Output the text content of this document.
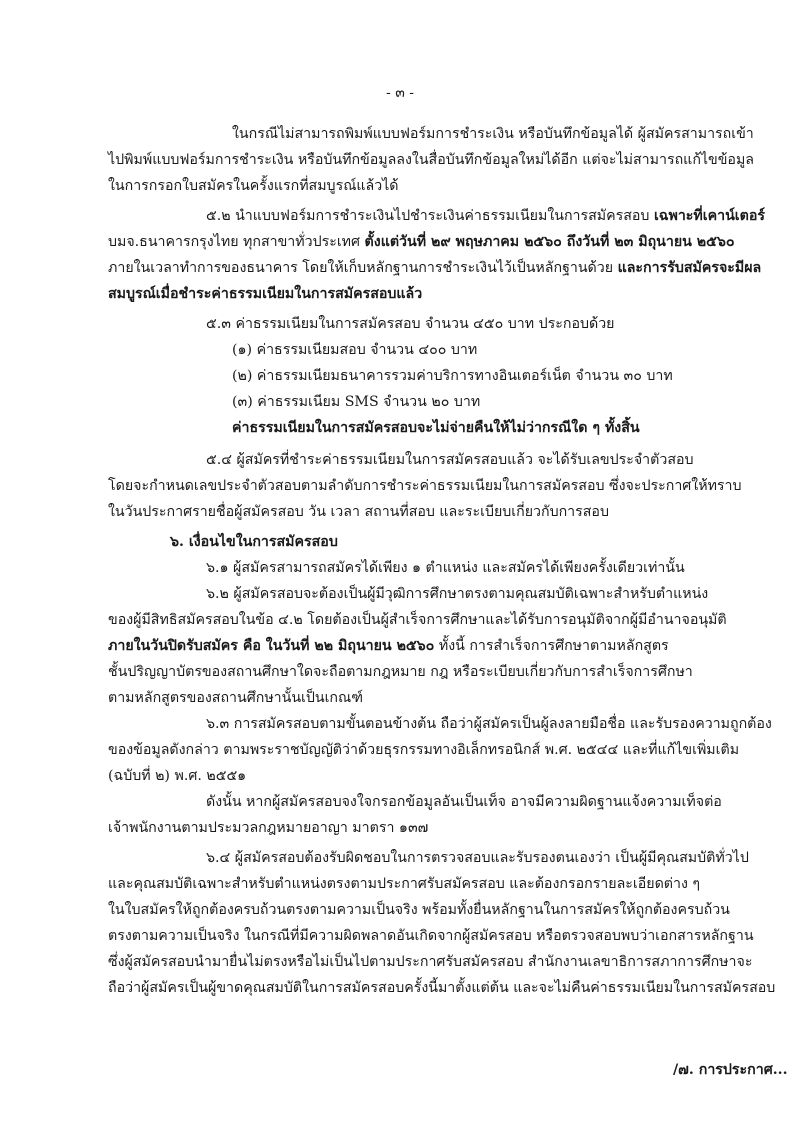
- ๓ -
ในกรณีไม่สามารถพิมพ์แบบฟอร์มการชำระเงิน หรือบันทึกข้อมูลได้ ผู้สมัครสามารถเข้า
ไปพิมพ์แบบฟอร์มการชำระเงิน หรือบันทึกข้อมูลลงในสื่อบันทึกข้อมูลใหม่ได้อีก แต่จะไม่สามารถแก้ไขข้อมูล
ในการกรอกใบสมัครในครั้งแรกที่สมบูรณ์แล้วได้
๕.๒ นำแบบฟอร์มการชำระเงินไปชำระเงินค่าธรรมเนียมในการสมัครสอบ เฉพาะที่เคาน์เตอร์
บมจ.ธนาคารกรุงไทย ทุกสาขาทั่วประเทศ ตั้งแต่วันที่ ๒๙ พฤษภาคม ๒๕๖๐ ถึงวันที่ ๒๓ มิถุนายน ๒๕๖๐
ภายในเวลาทำการของธนาคาร โดยให้เก็บหลักฐานการชำระเงินไว้เป็นหลักฐานด้วย และการรับสมัครจะมีผล
สมบูรณ์เมื่อชำระค่าธรรมเนียมในการสมัครสอบแล้ว
๕.๓ ค่าธรรมเนียมในการสมัครสอบ จำนวน ๔๕๐ บาท ประกอบด้วย
(๑) ค่าธรรมเนียมสอบ จำนวน ๔๐๐ บาท
(๒) ค่าธรรมเนียมธนาคารรวมค่าบริการทางอินเตอร์เน็ต จำนวน ๓๐ บาท
(๓) ค่าธรรมเนียม SMS จำนวน ๒๐ บาท
ค่าธรรมเนียมในการสมัครสอบจะไม่จ่ายคืนให้ไม่ว่ากรณีใด ๆ ทั้งสิ้น
๕.๔ ผู้สมัครที่ชำระค่าธรรมเนียมในการสมัครสอบแล้ว จะได้รับเลขประจำตัวสอบ
โดยจะกำหนดเลขประจำตัวสอบตามลำดับการชำระค่าธรรมเนียมในการสมัครสอบ ซึ่งจะประกาศให้ทราบ
ในวันประกาศรายชื่อผู้สมัครสอบ วัน เวลา สถานที่สอบ และระเบียบเกี่ยวกับการสอบ
๖. เงื่อนไขในการสมัครสอบ
๖.๑ ผู้สมัครสามารถสมัครได้เพียง ๑ ตำแหน่ง และสมัครได้เพียงครั้งเดียวเท่านั้น
๖.๒ ผู้สมัครสอบจะต้องเป็นผู้มีวุฒิการศึกษาตรงตามคุณสมบัติเฉพาะสำหรับตำแหน่ง
ของผู้มีสิทธิสมัครสอบในข้อ ๔.๒ โดยต้องเป็นผู้สำเร็จการศึกษาและได้รับการอนุมัติจากผู้มีอำนาจอนุมัติ
ภายในวันปิดรับสมัคร คือ ในวันที่ ๒๒ มิถุนายน ๒๕๖๐ ทั้งนี้ การสำเร็จการศึกษาตามหลักสูตร
ชั้นปริญญาบัตรของสถานศึกษาใดจะถือตามกฎหมาย กฎ หรือระเบียบเกี่ยวกับการสำเร็จการศึกษา
ตามหลักสูตรของสถานศึกษานั้นเป็นเกณฑ์
๖.๓ การสมัครสอบตามขั้นตอนข้างต้น ถือว่าผู้สมัครเป็นผู้ลงลายมือชื่อ และรับรองความถูกต้อง
ของข้อมูลดังกล่าว ตามพระราชบัญญัติว่าด้วยธุรกรรมทางอิเล็กทรอนิกส์ พ.ศ. ๒๕๔๔ และที่แก้ไขเพิ่มเติม
(ฉบับที่ ๒) พ.ศ. ๒๕๕๑
ดังนั้น หากผู้สมัครสอบจงใจกรอกข้อมูลอันเป็นเท็จ อาจมีความผิดฐานแจ้งความเท็จต่อ
เจ้าพนักงานตามประมวลกฎหมายอาญา มาตรา ๑๓๗
๖.๔ ผู้สมัครสอบต้องรับผิดชอบในการตรวจสอบและรับรองตนเองว่า เป็นผู้มีคุณสมบัติทั่วไป
และคุณสมบัติเฉพาะสำหรับตำแหน่งตรงตามประกาศรับสมัครสอบ และต้องกรอกรายละเอียดต่าง ๆ
ในใบสมัครให้ถูกต้องครบถ้วนตรงตามความเป็นจริง พร้อมทั้งยื่นหลักฐานในการสมัครให้ถูกต้องครบถ้วน
ตรงตามความเป็นจริง ในกรณีที่มีความผิดพลาดอันเกิดจากผู้สมัครสอบ หรือตรวจสอบพบว่าเอกสารหลักฐาน
ซึ่งผู้สมัครสอบนำมายื่นไม่ตรงหรือไม่เป็นไปตามประกาศรับสมัครสอบ สำนักงานเลขาธิการสภาการศึกษาจะ
ถือว่าผู้สมัครเป็นผู้ขาดคุณสมบัติในการสมัครสอบครั้งนี้มาตั้งแต่ต้น และจะไม่คืนค่าธรรมเนียมในการสมัครสอบ
/๗. การประกาศ...
